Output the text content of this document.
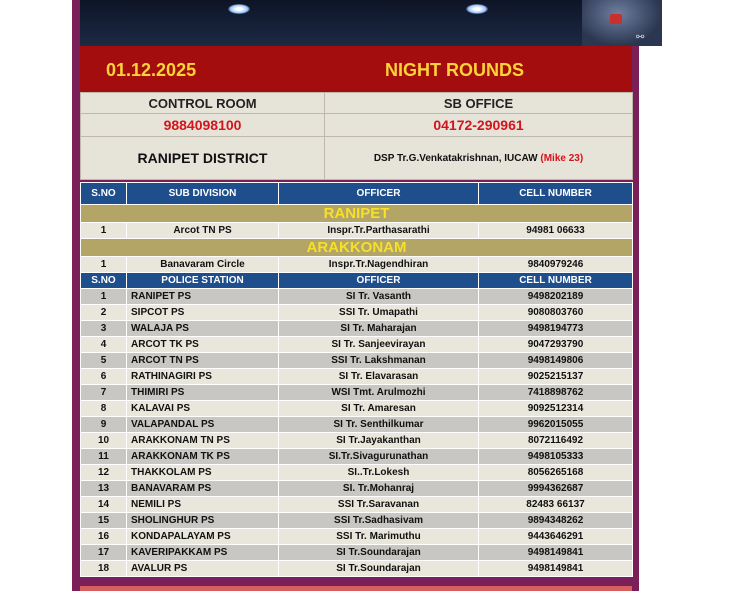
⚯
01.12.2025	NIGHT ROUNDS
CONTROL ROOM	SB OFFICE
9884098100	04172-290961
RANIPET DISTRICT	DSP Tr.G.Venkatakrishnan, IUCAW (Mike 23)
S.NO	SUB DIVISION	OFFICER	CELL NUMBER
RANIPET			
1	Arcot TN PS	Inspr.Tr.Parthasarathi	94981 06633
ARAKKONAM			
1	Banavaram Circle	Inspr.Tr.Nagendhiran	9840979246
S.NO	POLICE STATION	OFFICER	CELL NUMBER
1	RANIPET PS	SI Tr. Vasanth	9498202189
2	SIPCOT PS	SSI Tr. Umapathi	9080803760
3	WALAJA PS	SI Tr. Maharajan	9498194773
4	ARCOT TK PS	SI Tr. Sanjeevirayan	9047293790
5	ARCOT TN PS	SSI Tr. Lakshmanan	9498149806
6	RATHINAGIRI PS	SI Tr. Elavarasan	9025215137
7	THIMIRI PS	WSI Tmt. Arulmozhi	7418898762
8	KALAVAI PS	SI Tr. Amaresan	9092512314
9	VALAPANDAL PS	SI Tr. Senthilkumar	9962015055
10	ARAKKONAM TN PS	SI Tr.Jayakanthan	8072116492
11	ARAKKONAM TK PS	SI.Tr.Sivagurunathan	9498105333
12	THAKKOLAM PS	SI..Tr.Lokesh	8056265168
13	BANAVARAM PS	SI. Tr.Mohanraj	9994362687
14	NEMILI PS	SSI Tr.Saravanan	82483 66137
15	SHOLINGHUR PS	SSI Tr.Sadhasivam	9894348262
16	KONDAPALAYAM PS	SSI Tr. Marimuthu	9443646291
17	KAVERIPAKKAM PS	SI Tr.Soundarajan	9498149841
18	AVALUR PS	SI Tr.Soundarajan	9498149841
